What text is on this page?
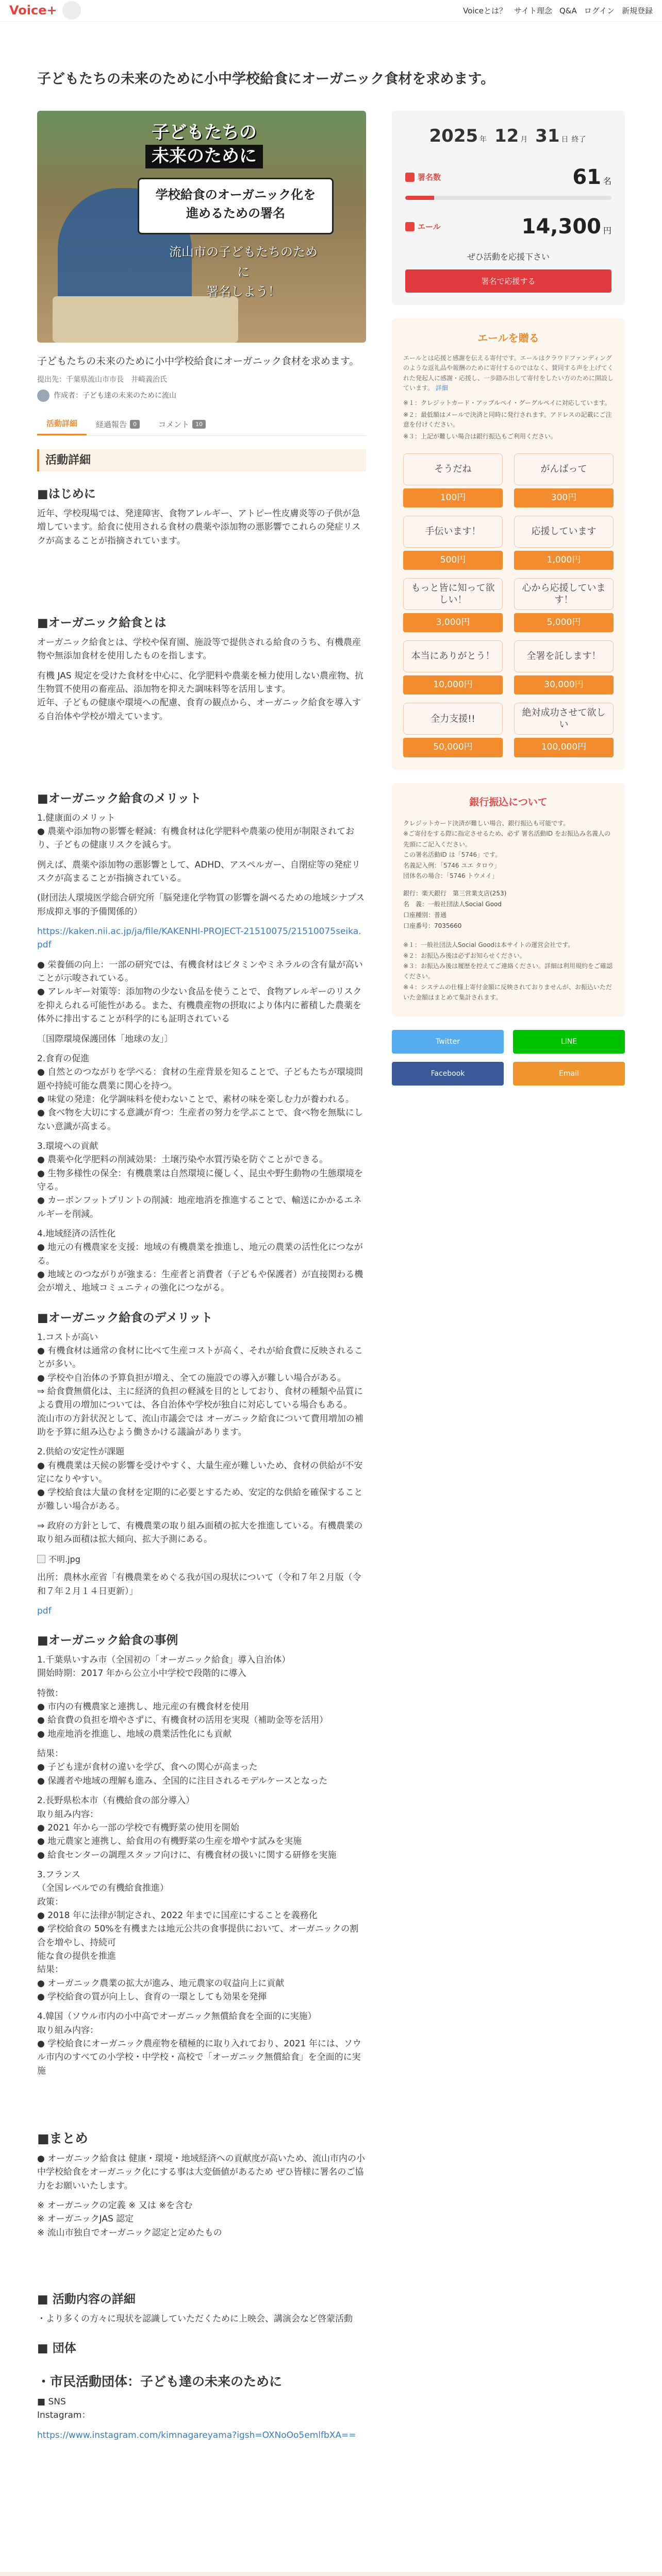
Voice+	Voiceとは？ サイト理念 Q&A ログイン 新規登録
子どもたちの未来のために小中学校給食にオーガニック食材を求めます。
子どもたちの
未来のために
学校給食のオーガニック化を
進めるための署名
流山市の子どもたちのために
署名しよう！
子どもたちの未来のために小中学校給食にオーガニック食材を求めます。
提出先：千葉県流山市市長　井崎義治氏
作成者：子ども達の未来のために流山
活動詳細 経過報告	0	コメント	10
活動詳細
■はじめに

近年、学校現場では、発達障害、食物アレルギー、アトピー性皮膚炎等の子供が急増しています。給食に使用される食材の農薬や添加物の悪影響でこれらの発症リスクが高まることが指摘されています。

■オーガニック給食とは

オーガニック給食とは、学校や保育園、施設等で提供される給食のうち、有機農産物や無添加食材を使用したものを指します。

有機 JAS 規定を受けた食材を中心に、化学肥料や農薬を極力使用しない農産物、抗生物質不使用の畜産品、添加物を抑えた調味料等を活用します。
近年、子どもの健康や環境への配慮、食育の観点から、オーガニック給食を導入する自治体や学校が増えています。

■オーガニック給食のメリット

1.健康面のメリット
● 農薬や添加物の影響を軽減：有機食材は化学肥料や農薬の使用が制限されており、子どもの健康リスクを減らす。

例えば、農薬や添加物の悪影響として、ADHD、アスペルガー、自閉症等の発症リスクが高まることが指摘されている。

(財団法人環境医学総合研究所「脳発達化学物質の影響を調べるための地域シナプス
形成抑え事的予備関係的）

https://kaken.nii.ac.jp/ja/file/KAKENHI-PROJECT-21510075/21510075seika.pdf

● 栄養価の向上：一部の研究では、有機食材はビタミンやミネラルの含有量が高いことが示唆されている。
● アレルギー対策等：添加物の少ない食品を使うことで、食物アレルギーのリスクを抑えられる可能性がある。また、有機農産物の摂取により体内に蓄積した農薬を体外に排出することが科学的にも証明されている

〔国際環境保護団体「地球の友」〕

2.食育の促進
● 自然とのつながりを学べる：食材の生産背景を知ることで、子どもたちが環境問題や持続可能な農業に関心を持つ。
● 味覚の発達：化学調味料を使わないことで、素材の味を楽しむ力が養われる。
● 食べ物を大切にする意識が育つ：生産者の努力を学ぶことで、食べ物を無駄にしない意識が高まる。

3.環境への貢献
● 農薬や化学肥料の削減効果：土壌汚染や水質汚染を防ぐことができる。
● 生物多様性の保全：有機農業は自然環境に優しく、昆虫や野生動物の生態環境を守る。
● カーボンフットプリントの削減：地産地消を推進することで、輸送にかかるエネルギーを削減。

4.地域経済の活性化
● 地元の有機農家を支援：地域の有機農業を推進し、地元の農業の活性化につながる。
● 地域とのつながりが強まる：生産者と消費者（子どもや保護者）が直接関わる機会が増え、地域コミュニティの強化につながる。

■オーガニック給食のデメリット

1.コストが高い
● 有機食材は通常の食材に比べて生産コストが高く、それが給食費に反映されることが多い。
● 学校や自治体の予算負担が増え、全ての施設での導入が難しい場合がある。
⇒ 給食費無償化は、主に経済的負担の軽減を目的としており、食材の種類や品質による費用の増加については、各自治体や学校が独自に対応している場合もある。
流山市の方針状況として、流山市議会では オーガニック給食について費用増加の補助を予算に組み込むよう働きかける議論があります。

2.供給の安定性が課題
● 有機農業は天候の影響を受けやすく、大量生産が難しいため、食材の供給が不安定になりやすい。
● 学校給食は大量の食材を定期的に必要とするため、安定的な供給を確保することが難しい場合がある。

⇒ 政府の方針として、有機農業の取り組み面積の拡大を推進している。有機農業の取り組み面積は拡大傾向、拡大予測にある。

不明.jpg

出所：農林水産省「有機農業をめぐる我が国の現状について（令和７年２月版（令和７年２月１４日更新）」

pdf

■オーガニック給食の事例

1.千葉県いすみ市（全国初の「オーガニック給食」導入自治体）
開始時期：2017 年から公立小中学校で段階的に導入

特徴：
● 市内の有機農家と連携し、地元産の有機食材を使用
● 給食費の負担を増やさずに、有機食材の活用を実現（補助金等を活用）
● 地産地消を推進し、地域の農業活性化にも貢献

結果：
● 子ども達が食材の違いを学び、食への関心が高まった
● 保護者や地域の理解も進み、全国的に注目されるモデルケースとなった

2.長野県松本市（有機給食の部分導入）
取り組み内容：
● 2021 年から一部の学校で有機野菜の使用を開始
● 地元農家と連携し、給食用の有機野菜の生産を増やす試みを実施
● 給食センターの調理スタッフ向けに、有機食材の扱いに関する研修を実施

3.フランス
（全国レベルでの有機給食推進）
政策：
● 2018 年に法律が制定され、2022 年までに国産にすることを義務化
● 学校給食の 50%を有機または地元公共の食事提供において、オーガニックの割合を増やし、持続可
能な食の提供を推進
結果：
● オーガニック農業の拡大が進み、地元農家の収益向上に貢献
● 学校給食の質が向上し、食育の一環としても効果を発揮

4.韓国（ソウル市内の小中高でオーガニック無償給食を全面的に実施）
取り組み内容：
● 学校給食にオーガニック農産物を積極的に取り入れており、2021 年には、ソウル市内のすべての小学校・中学校・高校で「オーガニック無償給食」を全面的に実施

■まとめ

● オーガニック給食は 健康・環境・地域経済への貢献度が高いため、流山市内の小中学校給食をオーガニック化にする事は大変価値があるため ぜひ皆様に署名のご協力をお願いいたします。

※ オーガニックの定義 ※ 又は ※を含む
※ オーガニックJAS 認定
※ 流山市独自でオーガニック認定と定めたもの

■ 活動内容の詳細

・より多くの方々に現状を認識していただくために上映会、講演会など啓蒙活動

■ 団体
・市民活動団体：子ども達の未来のために

■ SNS
Instagram：

https://www.instagram.com/kimnagareyama?igsh=OXNoOo5emlfbXA==

2025 年 12 月 31 日 終了
署名数	61 名
エール	14,300 円
ぜひ活動を応援下さい
署名で応援する
エールを贈る
エールとは応援と感謝を伝える寄付です。エールはクラウドファンディングのような返礼品や報酬のために寄付するのではなく、賛同する声を上げてくれた発起人に感謝・応援し、一歩踏み出して寄付をしたい方のために開設しています。 詳細
※１：クレジットカード・アップルペイ・グーグルペイに対応しています。
※２：最低額はメールで決済と同時に発行されます。アドレスの記載にご注意を付けください。
※３：上記が難しい場合は銀行振込もご利用ください。
そうだね
100円
がんばって
300円
手伝います！
500円
応援しています
1,000円
もっと皆に知って欲しい！
3,000円
心から応援しています！
5,000円
本当にありがとう！
10,000円
全署を託します！
30,000円
全力支援!!
50,000円
絶対成功させて欲しい
100,000円
銀行振込について
クレジットカード決済が難しい場合、銀行振込も可能です。
※ご寄付をする際に指定させるため、必ず 署名活動ID をお振込み名義人の先頭にご記入ください。
この署名活動ID は「5746」です。
名義記入例：「5746 ユエ タロウ」
団体名の場合：「5746 トウメイ」
銀行：楽天銀行　第三営業支店(253)
名　義：一般社団法人Social Good
口座種別：普通
口座番号：7035660
※１：一般社団法人Social Goodは本サイトの運営会社です。
※２：お振込み後は必ずお知らせください。
※３：お振込み後は履歴を控えてご連絡ください。詳細は利用規約をご確認ください。
※４：システムの仕様上寄付金額に反映されておりませんが、お振込いただいた金額はまとめて集計されます。
Twitter	LINE
Facebook	Email
